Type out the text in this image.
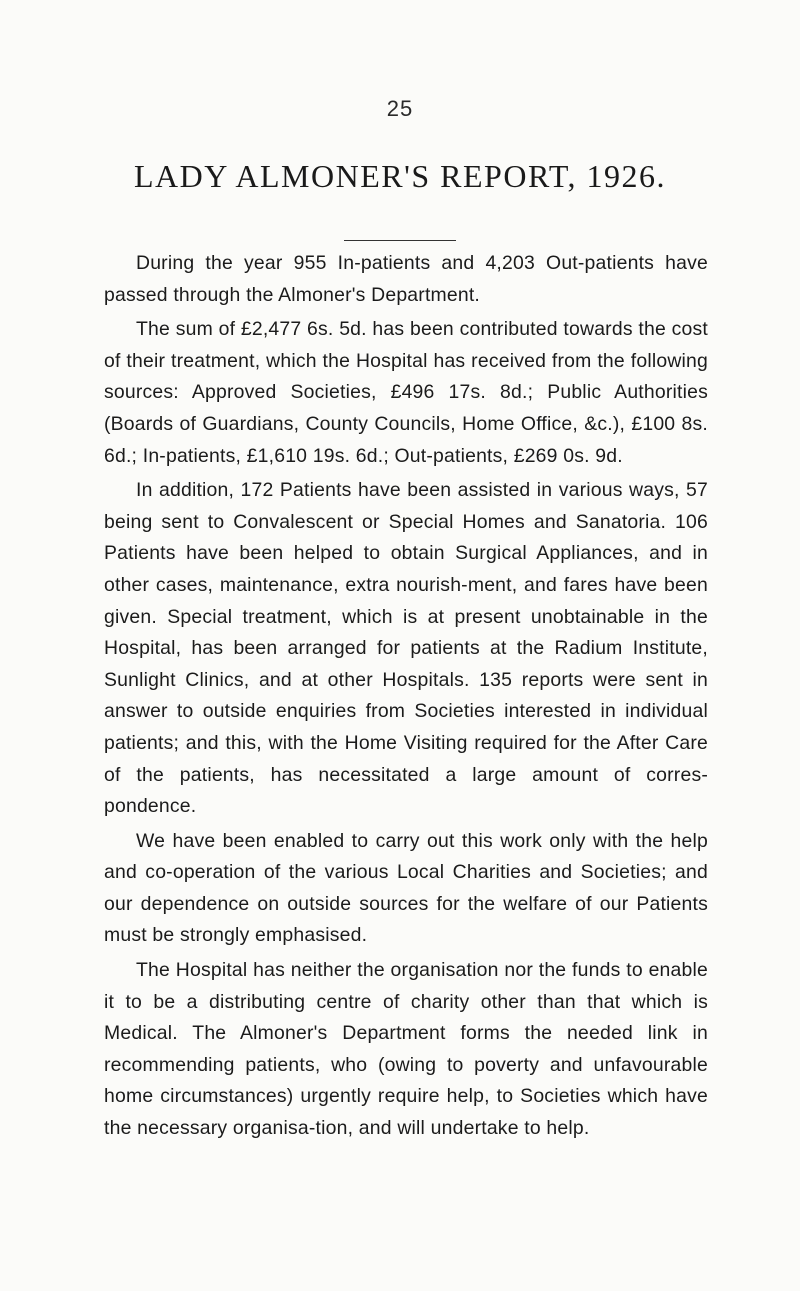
25
LADY ALMONER'S REPORT, 1926.

During the year 955 In-patients and 4,203 Out-patients have passed through the Almoner's Department.

The sum of £2,477 6s. 5d. has been contributed towards the cost of their treatment, which the Hospital has received from the following sources: Approved Societies, £496 17s. 8d.; Public Authorities (Boards of Guardians, County Councils, Home Office, &c.), £100 8s. 6d.; In-patients, £1,610 19s. 6d.; Out-patients, £269 0s. 9d.

In addition, 172 Patients have been assisted in various ways, 57 being sent to Convalescent or Special Homes and Sanatoria. 106 Patients have been helped to obtain Surgical Appliances, and in other cases, maintenance, extra nourish-ment, and fares have been given. Special treatment, which is at present unobtainable in the Hospital, has been arranged for patients at the Radium Institute, Sunlight Clinics, and at other Hospitals. 135 reports were sent in answer to outside enquiries from Societies interested in individual patients; and this, with the Home Visiting required for the After Care of the patients, has necessitated a large amount of corres-pondence.

We have been enabled to carry out this work only with the help and co-operation of the various Local Charities and Societies; and our dependence on outside sources for the welfare of our Patients must be strongly emphasised.

The Hospital has neither the organisation nor the funds to enable it to be a distributing centre of charity other than that which is Medical. The Almoner's Department forms the needed link in recommending patients, who (owing to poverty and unfavourable home circumstances) urgently require help, to Societies which have the necessary organisa-tion, and will undertake to help.
